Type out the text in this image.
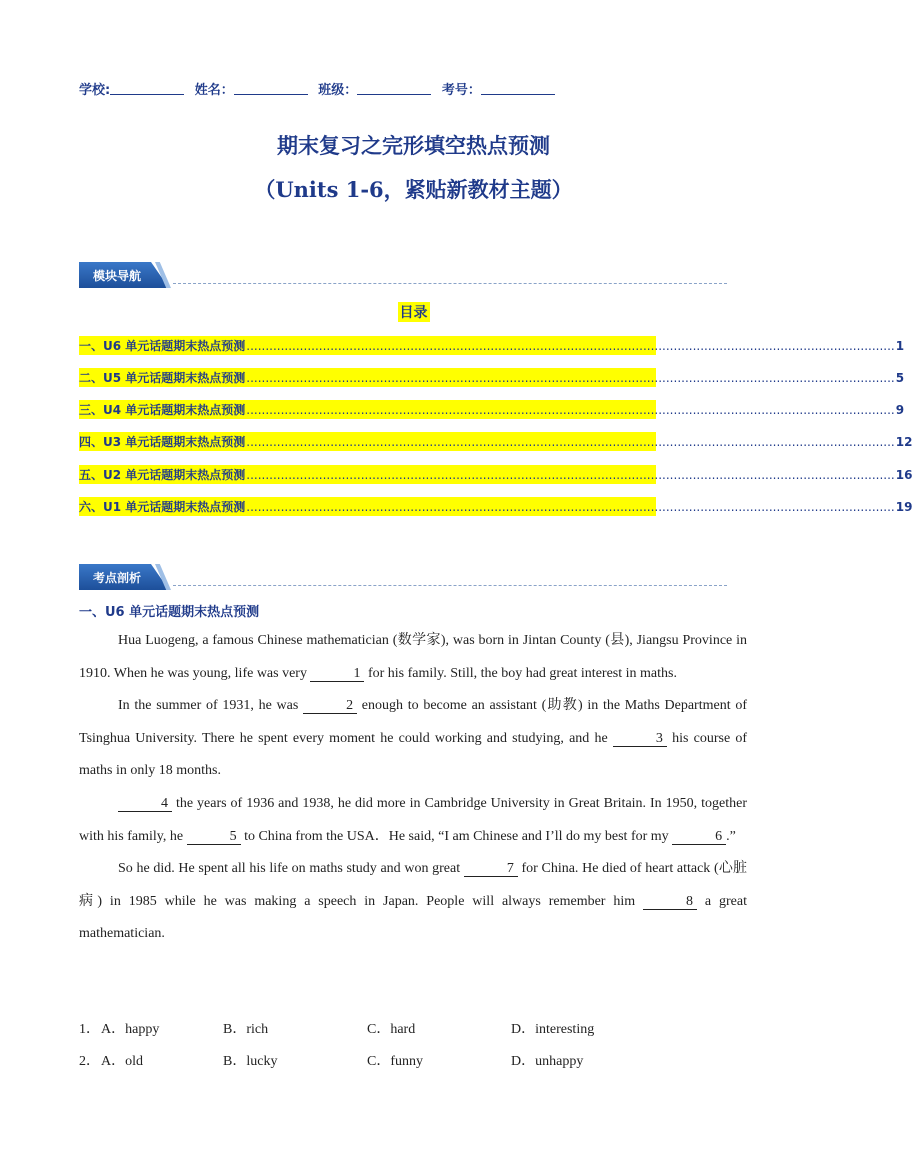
学校:	姓名：	班级：	考号：
期末复习之完形填空热点预测
（Units 1-6，紧贴新教材主题）
模块导航
目录
一、U6 单元话题期末热点预测 .......................................................................................................................................................................... 1
二、U5 单元话题期末热点预测 .......................................................................................................................................................................... 5
三、U4 单元话题期末热点预测 .......................................................................................................................................................................... 9
四、U3 单元话题期末热点预测 .......................................................................................................................................................................... 12
五、U2 单元话题期末热点预测 .......................................................................................................................................................................... 16
六、U1 单元话题期末热点预测 .......................................................................................................................................................................... 19
考点剖析
一、U6 单元话题期末热点预测

Hua Luogeng, a famous Chinese mathematician (数学家), was born in Jintan County (县), Jiangsu Province in 1910. When he was young, life was very	1 for his family. Still, the boy had great interest in maths.

In the summer of 1931, he was	2 enough to become an assistant (助教) in the Maths Department of Tsinghua University. There he spent every moment he could working and studying, and he	3 his course of maths in only 18 months.

4 the years of 1936 and 1938, he did more in Cambridge University in Great Britain. In 1950, together with his family, he	5 to China from the USA．He said, “I am Chinese and I’ll do my best for my	6 .”

So he did. He spent all his life on maths study and won great	7 for China. He died of heart attack (心脏病) in 1985 while he was making a speech in Japan. People will always remember him	8 a great mathematician.

1． A．happy	B．rich	C．hard	D．interesting
2． A．old	B．lucky	C．funny	D．unhappy
